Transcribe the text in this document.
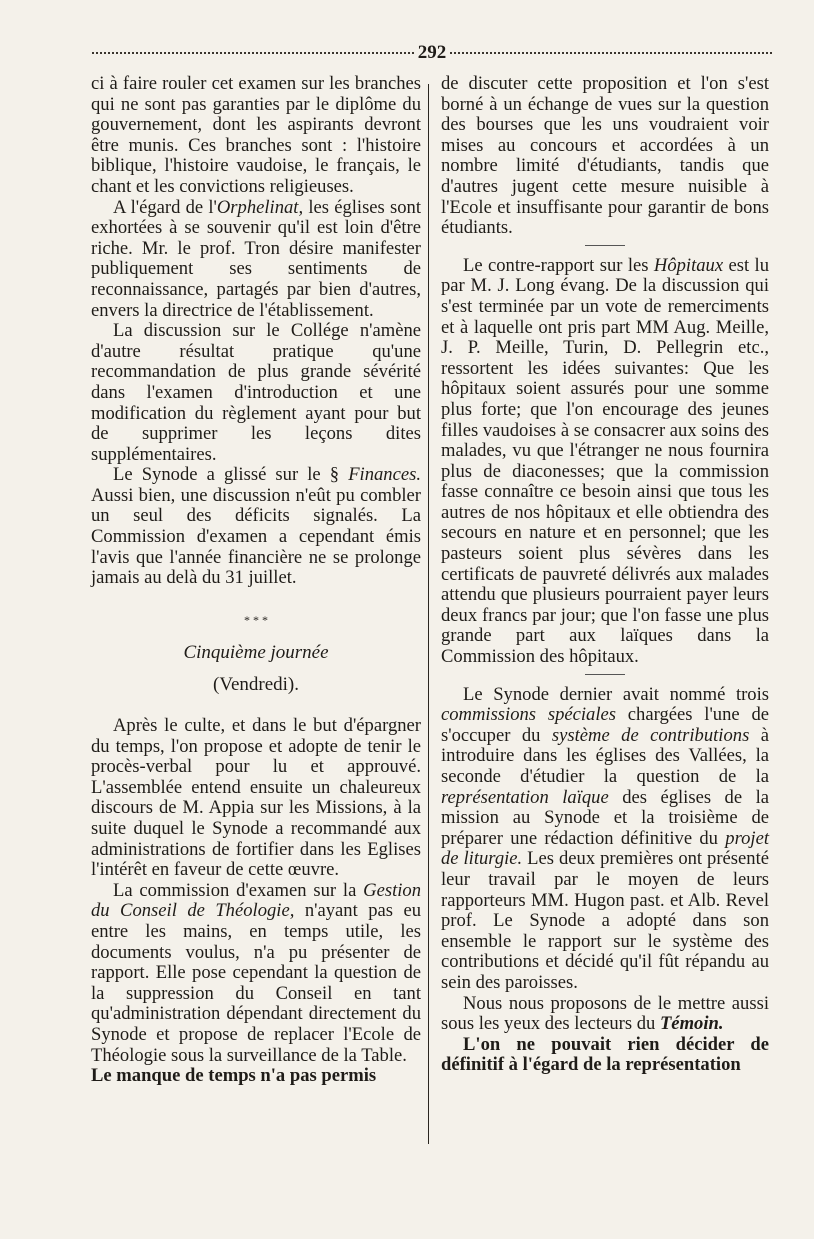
292

ci à faire rouler cet examen sur les branches qui ne sont pas garanties par le diplôme du gouvernement, dont les aspirants devront être munis. Ces branches sont : l'histoire biblique, l'histoire vaudoise, le français, le chant et les convictions religieuses.

A l'égard de l'Orphelinat, les églises sont exhortées à se souvenir qu'il est loin d'être riche. Mr. le prof. Tron désire manifester publiquement ses sentiments de reconnaissance, partagés par bien d'autres, envers la directrice de l'établissement.

La discussion sur le Collége n'amène d'autre résultat pratique qu'une recommandation de plus grande sévérité dans l'examen d'introduction et une modification du règlement ayant pour but de supprimer les leçons dites supplémentaires.

Le Synode a glissé sur le § Finances. Aussi bien, une discussion n'eût pu combler un seul des déficits signalés. La Commission d'examen a cependant émis l'avis que l'année financière ne se prolonge jamais au delà du 31 juillet.

* * *
Cinquième journée
(Vendredi).

Après le culte, et dans le but d'épargner du temps, l'on propose et adopte de tenir le procès-verbal pour lu et approuvé. L'assemblée entend ensuite un chaleureux discours de M. Appia sur les Missions, à la suite duquel le Synode a recommandé aux administrations de fortifier dans les Eglises l'intérêt en faveur de cette œuvre.

La commission d'examen sur la Gestion du Conseil de Théologie, n'ayant pas eu entre les mains, en temps utile, les documents voulus, n'a pu présenter de rapport. Elle pose cependant la question de la suppression du Conseil en tant qu'administration dépendant directement du Synode et propose de replacer l'Ecole de Théologie sous la surveillance de la Table.

Le manque de temps n'a pas permis

de discuter cette proposition et l'on s'est borné à un échange de vues sur la question des bourses que les uns voudraient voir mises au concours et accordées à un nombre limité d'étudiants, tandis que d'autres jugent cette mesure nuisible à l'Ecole et insuffisante pour garantir de bons étudiants.

Le contre-rapport sur les Hôpitaux est lu par M. J. Long évang. De la discussion qui s'est terminée par un vote de remerciments et à laquelle ont pris part MM Aug. Meille, J. P. Meille, Turin, D. Pellegrin etc., ressortent les idées suivantes: Que les hôpitaux soient assurés pour une somme plus forte; que l'on encourage des jeunes filles vaudoises à se consacrer aux soins des malades, vu que l'étranger ne nous fournira plus de diaconesses; que la commission fasse connaître ce besoin ainsi que tous les autres de nos hôpitaux et elle obtiendra des secours en nature et en personnel; que les pasteurs soient plus sévères dans les certificats de pauvreté délivrés aux malades attendu que plusieurs pourraient payer leurs deux francs par jour; que l'on fasse une plus grande part aux laïques dans la Commission des hôpitaux.

Le Synode dernier avait nommé trois commissions spéciales chargées l'une de s'occuper du système de contributions à introduire dans les églises des Vallées, la seconde d'étudier la question de la représentation laïque des églises de la mission au Synode et la troisième de préparer une rédaction définitive du projet de liturgie. Les deux premières ont présenté leur travail par le moyen de leurs rapporteurs MM. Hugon past. et Alb. Revel prof. Le Synode a adopté dans son ensemble le rapport sur le système des contributions et décidé qu'il fût répandu au sein des paroisses.

Nous nous proposons de le mettre aussi sous les yeux des lecteurs du Témoin.

L'on ne pouvait rien décider de définitif à l'égard de la représentation
